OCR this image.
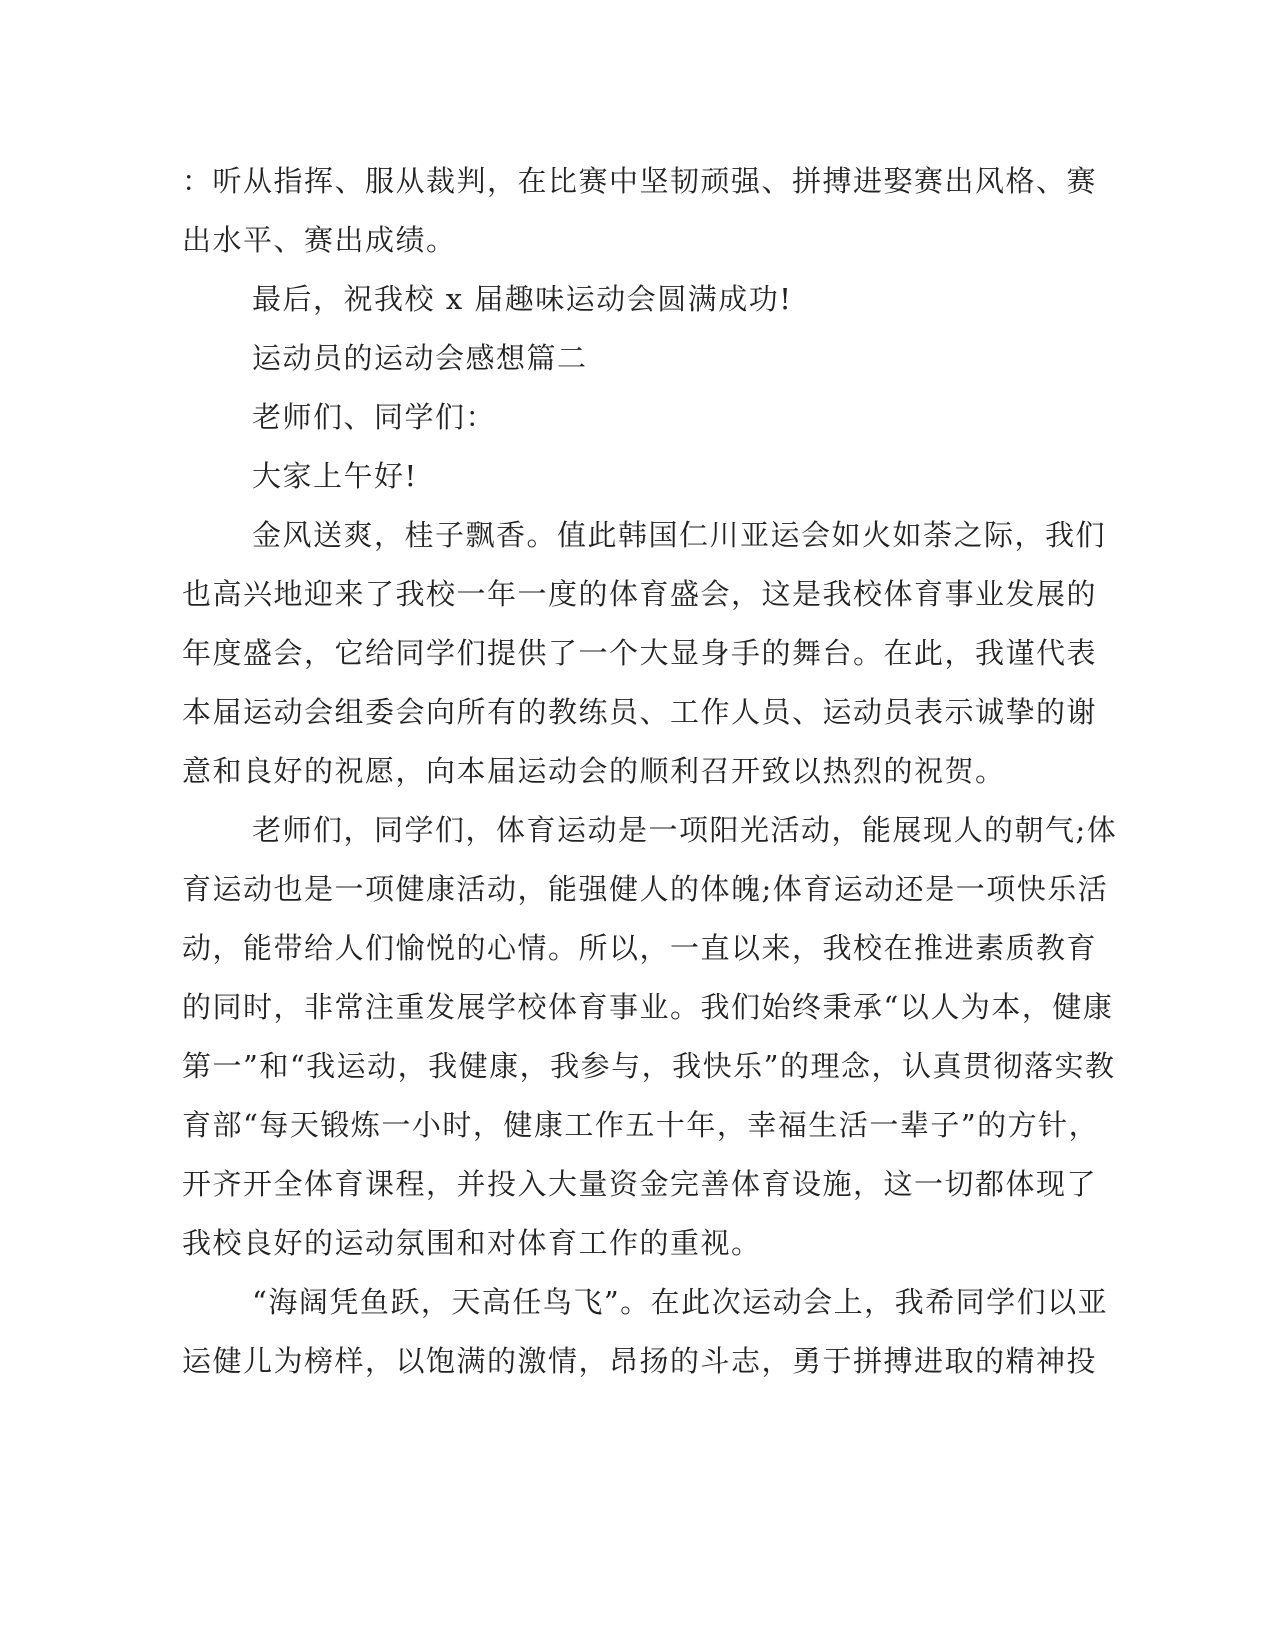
：听从指挥、服从裁判，在比赛中坚韧顽强、拼搏进娶赛出风格、赛

出水平、赛出成绩。

最后，祝我校 x 届趣味运动会圆满成功!

运动员的运动会感想篇二

老师们、同学们：

大家上午好!

金风送爽，桂子飘香。值此韩国仁川亚运会如火如荼之际，我们

也高兴地迎来了我校一年一度的体育盛会，这是我校体育事业发展的

年度盛会，它给同学们提供了一个大显身手的舞台。在此，我谨代表

本届运动会组委会向所有的教练员、工作人员、运动员表示诚挚的谢

意和良好的祝愿，向本届运动会的顺利召开致以热烈的祝贺。

老师们，同学们，体育运动是一项阳光活动，能展现人的朝气;体

育运动也是一项健康活动，能强健人的体魄;体育运动还是一项快乐活

动，能带给人们愉悦的心情。所以，一直以来，我校在推进素质教育

的同时，非常注重发展学校体育事业。我们始终秉承“以人为本，健康

第一”和“我运动，我健康，我参与，我快乐”的理念，认真贯彻落实教

育部“每天锻炼一小时，健康工作五十年，幸福生活一辈子”的方针，

开齐开全体育课程，并投入大量资金完善体育设施，这一切都体现了

我校良好的运动氛围和对体育工作的重视。

“海阔凭鱼跃，天高任鸟飞”。在此次运动会上，我希同学们以亚

运健儿为榜样，以饱满的激情，昂扬的斗志，勇于拼搏进取的精神投
